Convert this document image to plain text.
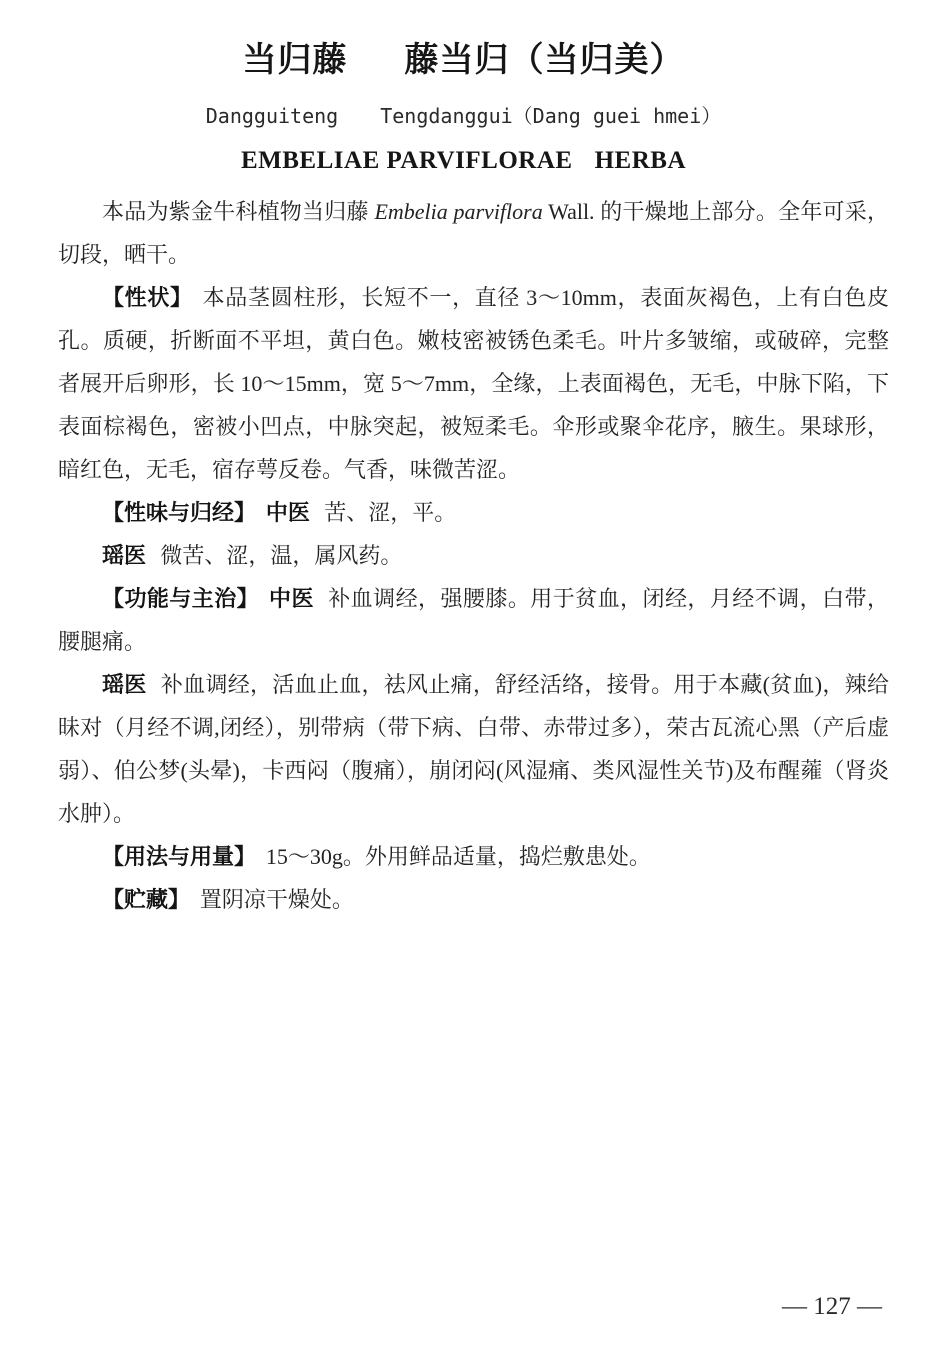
当归藤 藤当归（当归美）
Dangguiteng Tengdanggui（Dang guei hmei）
EMBELIAE PARVIFLORAE HERBA

本品为紫金牛科植物当归藤 Embelia parviflora Wall. 的干燥地上部分。全年可采，切段，晒干。

【性状】 本品茎圆柱形，长短不一，直径 3～10mm，表面灰褐色，上有白色皮孔。质硬，折断面不平坦，黄白色。嫩枝密被锈色柔毛。叶片多皱缩，或破碎，完整者展开后卵形，长 10～15mm，宽 5～7mm，全缘，上表面褐色，无毛，中脉下陷，下表面棕褐色，密被小凹点，中脉突起，被短柔毛。伞形或聚伞花序，腋生。果球形，暗红色，无毛，宿存萼反卷。气香，味微苦涩。

【性味与归经】 中医 苦、涩，平。

瑶医 微苦、涩，温，属风药。

【功能与主治】 中医 补血调经，强腰膝。用于贫血，闭经，月经不调，白带，腰腿痛。

瑶医 补血调经，活血止血，祛风止痛，舒经活络，接骨。用于本藏(贫血)，辣给昧对（月经不调,闭经），别带病（带下病、白带、赤带过多），荣古瓦流心黑（产后虚弱）、伯公梦(头晕)，卡西闷（腹痛），崩闭闷(风湿痛、类风湿性关节)及布醒蕹（肾炎水肿）。

【用法与用量】 15～30g。外用鲜品适量，捣烂敷患处。

【贮藏】 置阴凉干燥处。

— 127 —
